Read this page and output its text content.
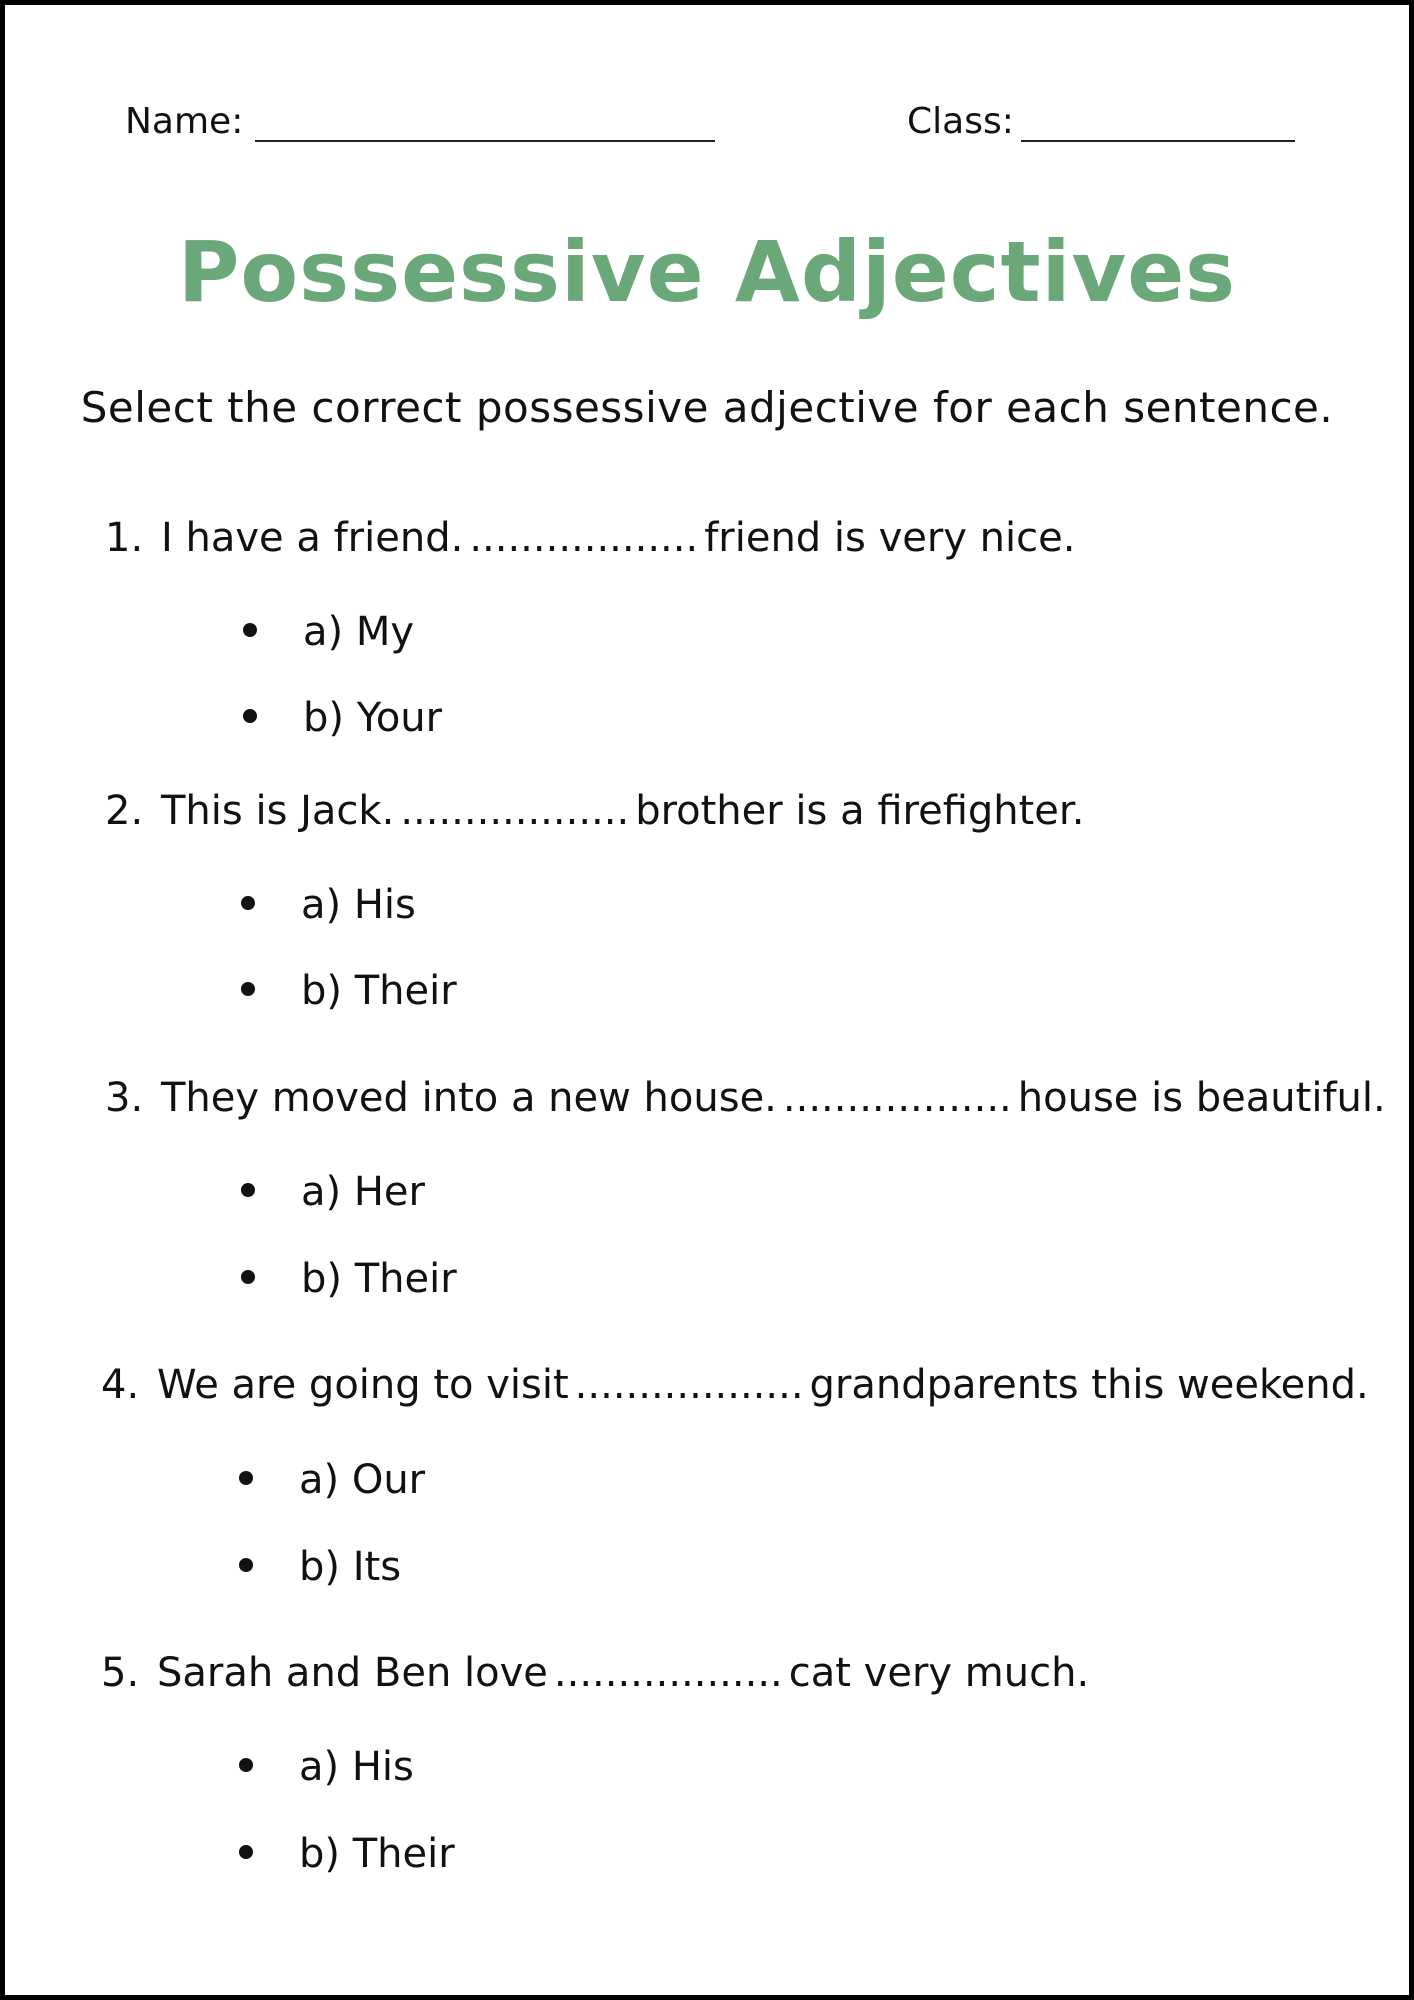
Name:	Class:
Possessive Adjectives
Select the correct possessive adjective for each sentence.
1. I have a friend. .................. friend is very nice.
a) My
b) Your
2. This is Jack. .................. brother is a firefighter.
a) His
b) Their
3. They moved into a new house. .................. house is beautiful.
a) Her
b) Their
4. We are going to visit .................. grandparents this weekend.
a) Our
b) Its
5. Sarah and Ben love .................. cat very much.
a) His
b) Their
